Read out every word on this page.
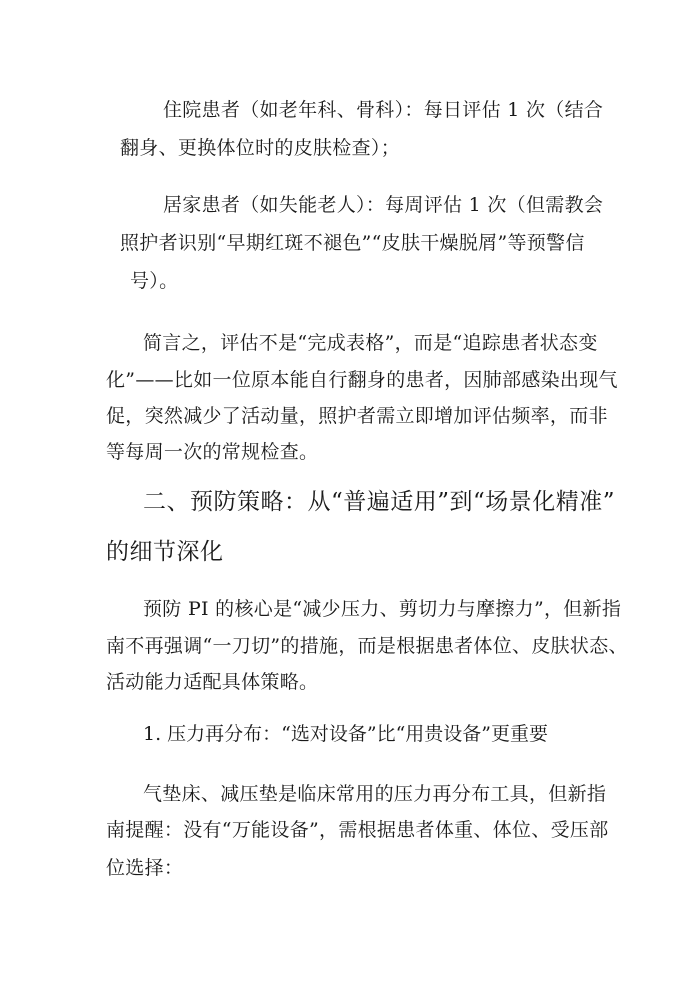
住院患者（如老年科、骨科）：每日评估 1 次（结合
翻身、更换体位时的皮肤检查）；
居家患者（如失能老人）：每周评估 1 次（但需教会
照护者识别“早期红斑不褪色”“皮肤干燥脱屑”等预警信
号）。
简言之，评估不是“完成表格”，而是“追踪患者状态变
化”——比如一位原本能自行翻身的患者，因肺部感染出现气
促，突然减少了活动量，照护者需立即增加评估频率，而非
等每周一次的常规检查。
二、预防策略：从“普遍适用”到“场景化精准”
的细节深化
预防 PI 的核心是“减少压力、剪切力与摩擦力”，但新指
南不再强调“一刀切”的措施，而是根据患者体位、皮肤状态、
活动能力适配具体策略。
1. 压力再分布：“选对设备”比“用贵设备”更重要
气垫床、减压垫是临床常用的压力再分布工具，但新指
南提醒：没有“万能设备”，需根据患者体重、体位、受压部
位选择：
